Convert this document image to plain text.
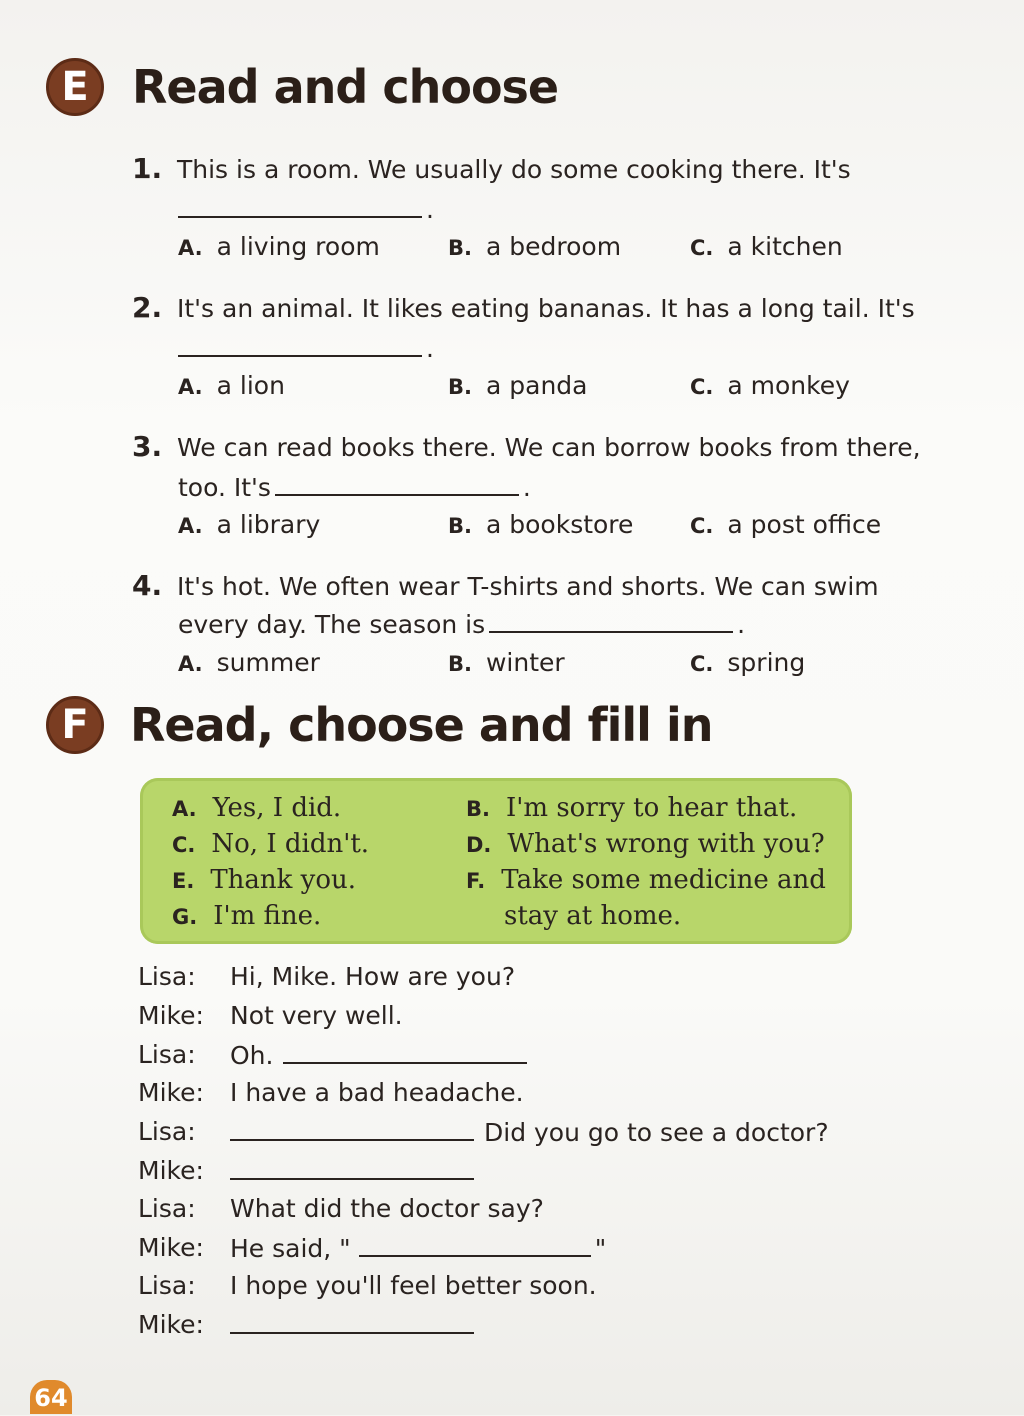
E Read and choose
1. This is a room. We usually do some cooking there. It's
.
A. a living room	B. a bedroom	C. a kitchen
2. It's an animal. It likes eating bananas. It has a long tail. It's
.
A. a lion	B. a panda	C. a monkey
3. We can read books there. We can borrow books from there,
too. It's	.
A. a library	B. a bookstore	C. a post office
4. It's hot. We often wear T-shirts and shorts. We can swim
every day. The season is	.
A. summer	B. winter	C. spring
F Read, choose and fill in
A. Yes, I did.	B. I'm sorry to hear that.
C. No, I didn't.	D. What's wrong with you?
E. Thank you.	F. Take some medicine and
G. I'm fine.	stay at home.
Lisa: Hi, Mike. How are you?
Mike: Not very well.
Lisa: Oh.
Mike: I have a bad headache.
Lisa:	Did you go to see a doctor?
Mike:
Lisa: What did the doctor say?
Mike: He said, "	"
Lisa: I hope you'll feel better soon.
Mike:
64
